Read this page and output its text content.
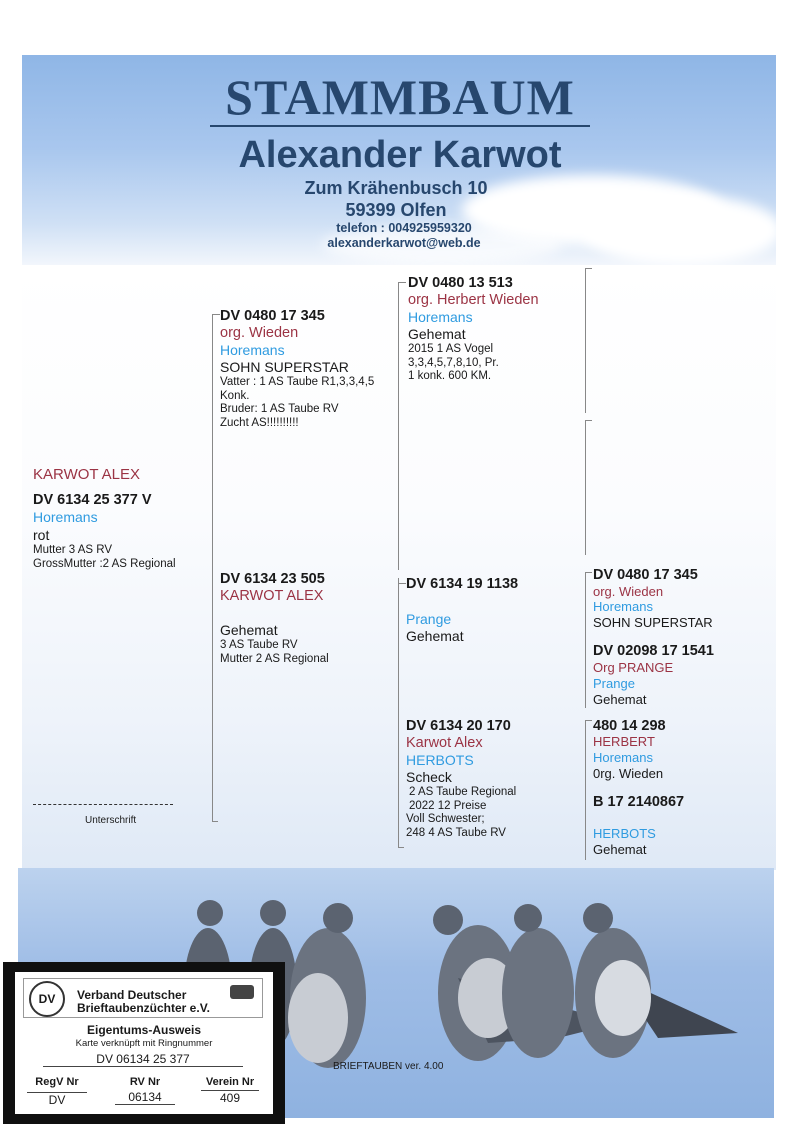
STAMMBAUM
Alexander Karwot
Zum Krähenbusch 10
59399 Olfen
telefon : 004925959320
alexanderkarwot@web.de
KARWOT ALEX
DV 6134 25 377 V
Horemans
rot
Mutter 3 AS RV
GrossMutter :2 AS Regional
DV 0480 17 345
org. Wieden
Horemans
SOHN SUPERSTAR
Vatter : 1 AS Taube R1,3,3,4,5
Konk.
Bruder: 1 AS Taube RV
Zucht AS!!!!!!!!!!
DV 6134 23 505
KARWOT ALEX
Gehemat
3 AS Taube RV
Mutter 2 AS Regional
DV 0480 13 513
org. Herbert Wieden
Horemans
Gehemat
2015 1 AS Vogel
3,3,4,5,7,8,10, Pr.
1 konk. 600 KM.
DV 6134 19 1138
Prange
Gehemat
DV 6134 20 170
Karwot Alex
HERBOTS
Scheck
2 AS Taube Regional
2022 12 Preise
Voll Schwester;
248 4 AS Taube RV
DV 0480 17 345
org. Wieden
Horemans
SOHN SUPERSTAR
DV 02098 17 1541
Org PRANGE
Prange
Gehemat
480 14 298
HERBERT
Horemans
0rg. Wieden
B 17 2140867
HERBOTS
Gehemat
Unterschrift
BRIEFTAUBEN ver. 4.00
DV	Verband Deutscher
Brieftaubenzüchter e.V.
Eigentums-Ausweis
Karte verknüpft mit Ringnummer
DV 06134 25 377
RegV Nr	RV Nr	Verein Nr
DV	06134	409
